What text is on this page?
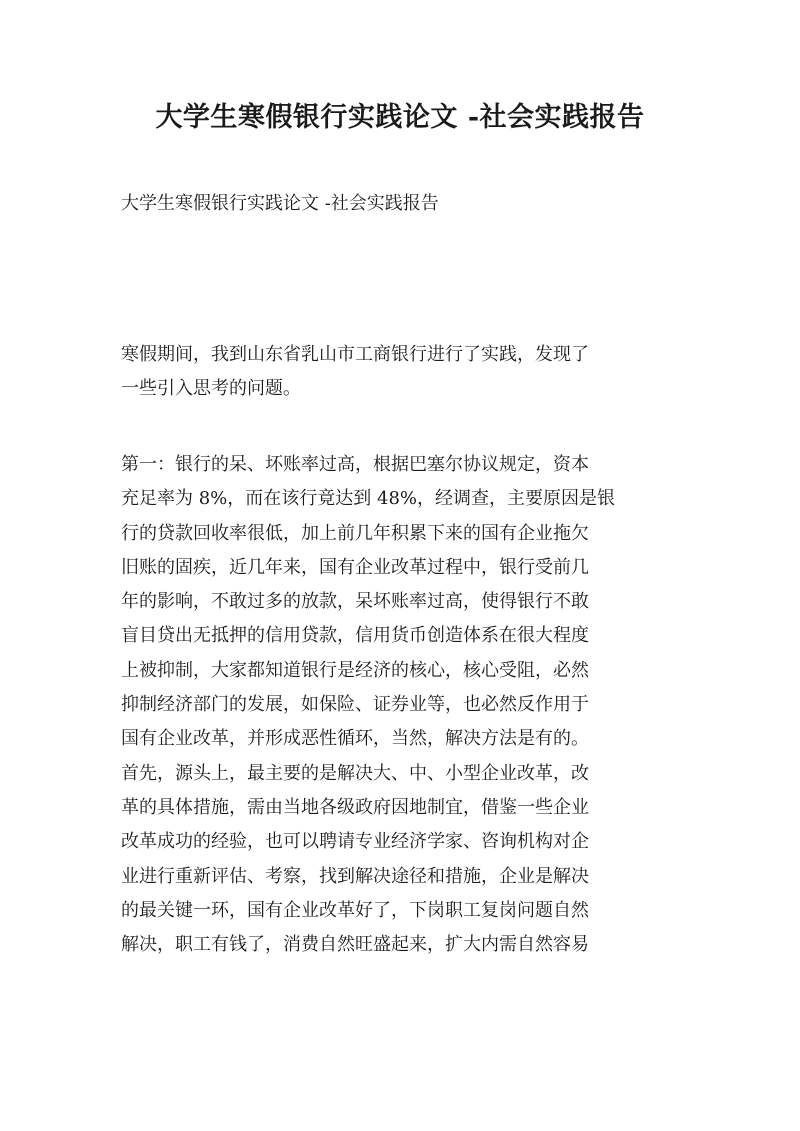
大学生寒假银行实践论文 -社会实践报告

大学生寒假银行实践论文 -社会实践报告

寒假期间，我到山东省乳山市工商银行进行了实践，发现了
一些引入思考的问题。

第一：银行的呆、坏账率过高，根据巴塞尔协议规定，资本
充足率为 8%，而在该行竟达到 48%，经调查，主要原因是银
行的贷款回收率很低，加上前几年积累下来的国有企业拖欠
旧账的固疾，近几年来，国有企业改革过程中，银行受前几
年的影响，不敢过多的放款，呆坏账率过高，使得银行不敢
盲目贷出无抵押的信用贷款，信用货币创造体系在很大程度
上被抑制，大家都知道银行是经济的核心，核心受阻，必然
抑制经济部门的发展，如保险、证券业等，也必然反作用于
国有企业改革，并形成恶性循环，当然，解决方法是有的。
首先，源头上，最主要的是解决大、中、小型企业改革，改
革的具体措施，需由当地各级政府因地制宜，借鉴一些企业
改革成功的经验，也可以聘请专业经济学家、咨询机构对企
业进行重新评估、考察，找到解决途径和措施，企业是解决
的最关键一环，国有企业改革好了，下岗职工复岗问题自然
解决，职工有钱了，消费自然旺盛起来，扩大内需自然容易
